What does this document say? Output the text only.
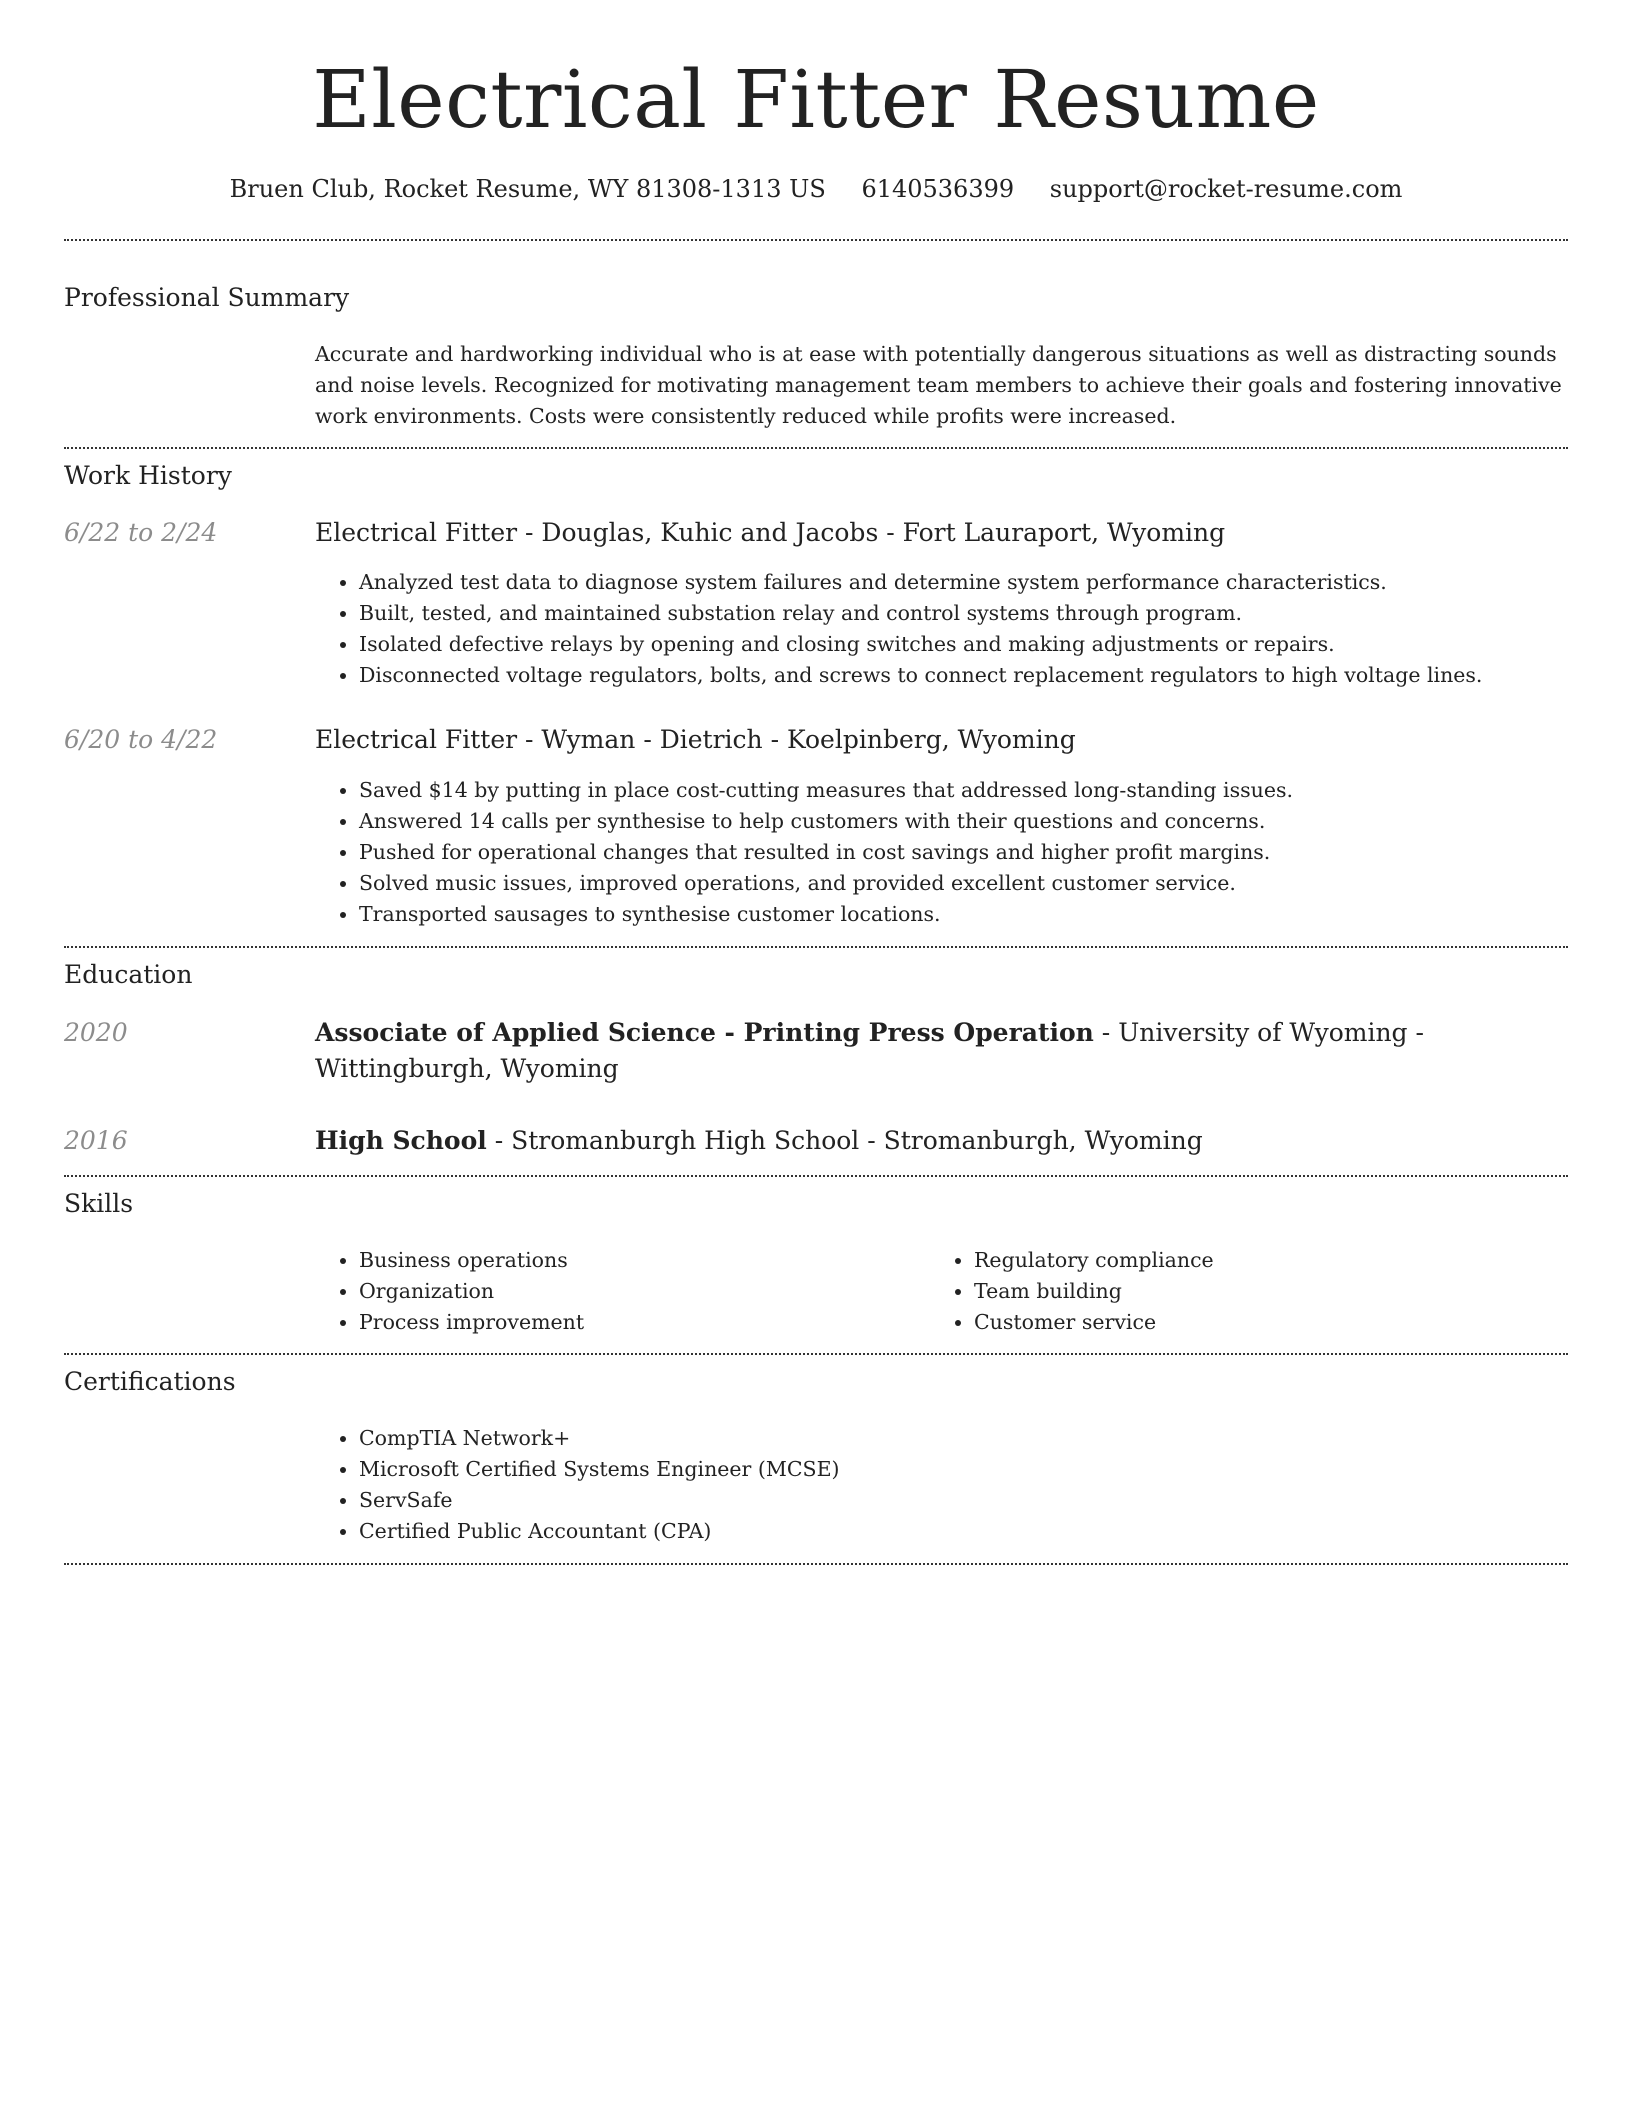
Electrical Fitter Resume
Bruen Club, Rocket Resume, WY 81308-1313 US 6140536399 support@rocket-resume.com
Professional Summary

Accurate and hardworking individual who is at ease with potentially dangerous situations as well as distracting sounds and noise levels. Recognized for motivating management team members to achieve their goals and fostering innovative work environments. Costs were consistently reduced while profits were increased.

Work History
6/22 to 2/24	Electrical Fitter - Douglas, Kuhic and Jacobs - Fort Lauraport, Wyoming
• Analyzed test data to diagnose system failures and determine system performance characteristics.
• Built, tested, and maintained substation relay and control systems through program.
• Isolated defective relays by opening and closing switches and making adjustments or repairs.
• Disconnected voltage regulators, bolts, and screws to connect replacement regulators to high voltage lines.
6/20 to 4/22	Electrical Fitter - Wyman - Dietrich - Koelpinberg, Wyoming
• Saved $14 by putting in place cost-cutting measures that addressed long-standing issues.
• Answered 14 calls per synthesise to help customers with their questions and concerns.
• Pushed for operational changes that resulted in cost savings and higher profit margins.
• Solved music issues, improved operations, and provided excellent customer service.
• Transported sausages to synthesise customer locations.
Education
2020	Associate of Applied Science - Printing Press Operation - University of Wyoming - Wittingburgh, Wyoming
2016	High School - Stromanburgh High School - Stromanburgh, Wyoming
Skills
• Business operations
• Organization
• Process improvement
• Regulatory compliance
• Team building
• Customer service
Certifications
• CompTIA Network+
• Microsoft Certified Systems Engineer (MCSE)
• ServSafe
• Certified Public Accountant (CPA)
